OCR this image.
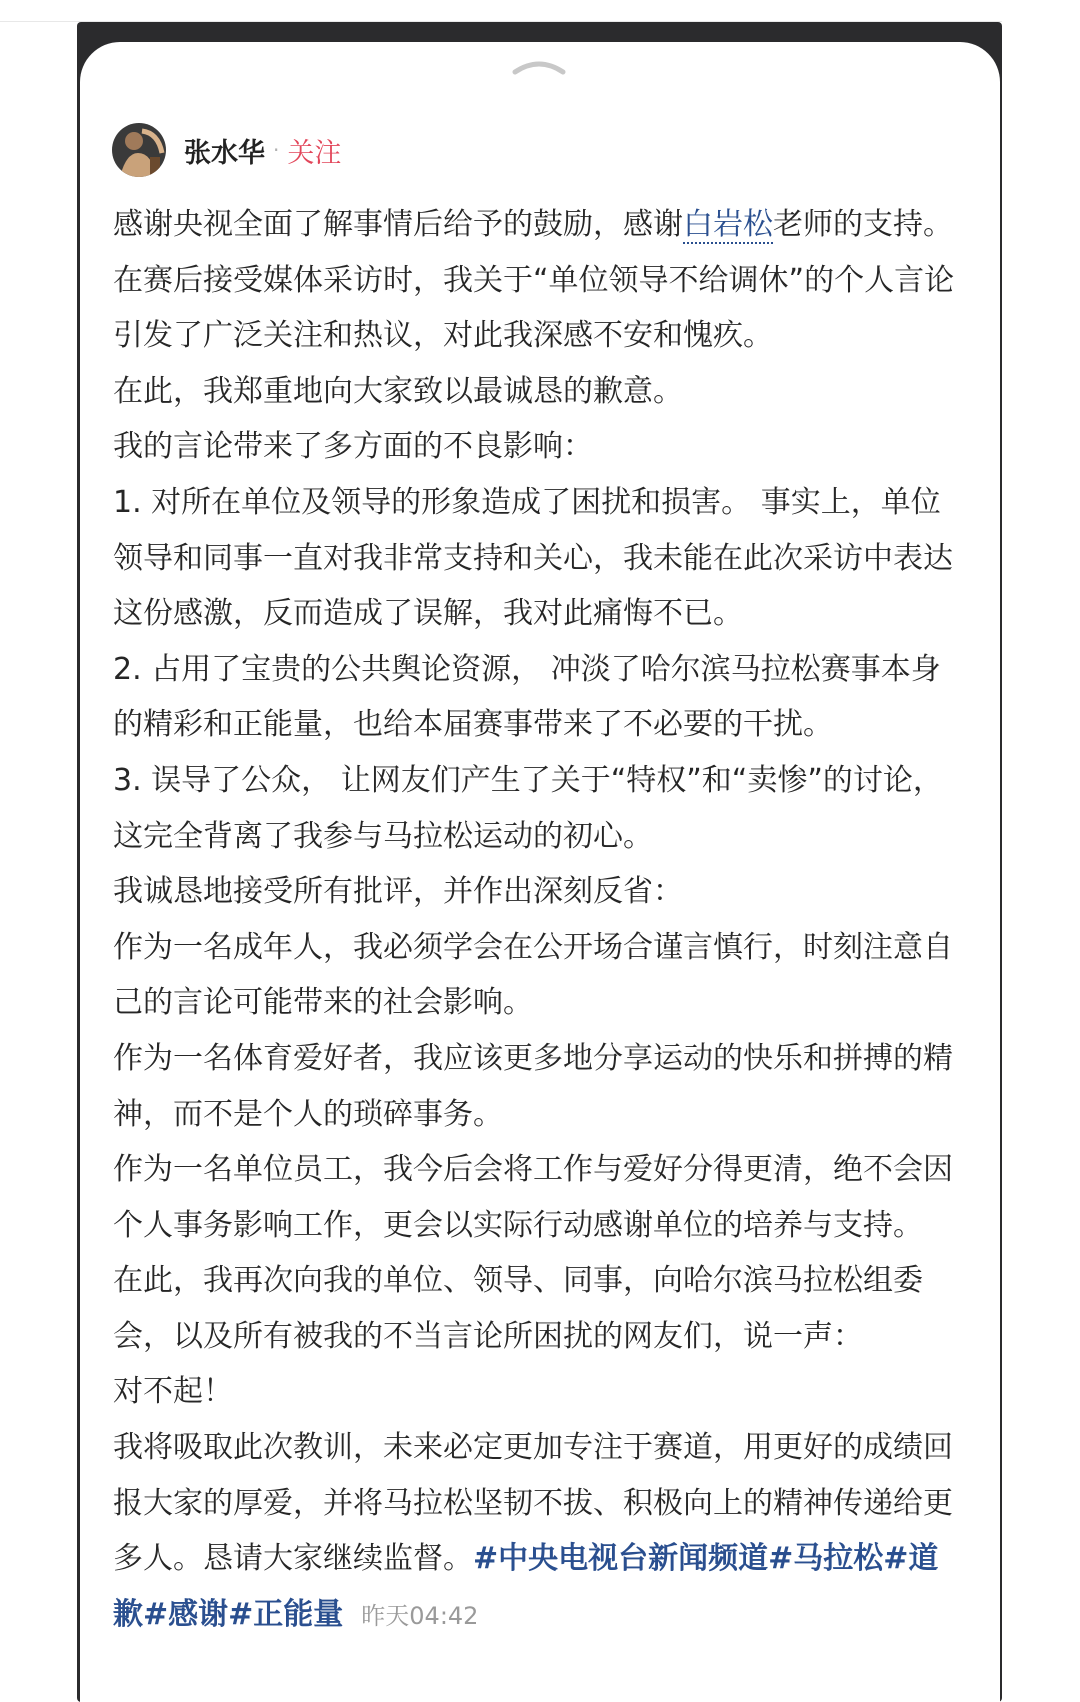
张水华 · 关注

感谢央视全面了解事情后给予的鼓励，感谢白岩松老师的支持。在赛后接受媒体采访时，我关于“单位领导不给调休”的个人言论引发了广泛关注和热议，对此我深感不安和愧疚。

在此，我郑重地向大家致以最诚恳的歉意。

我的言论带来了多方面的不良影响：

1. 对所在单位及领导的形象造成了困扰和损害。 事实上，单位领导和同事一直对我非常支持和关心，我未能在此次采访中表达这份感激，反而造成了误解，我对此痛悔不已。

2. 占用了宝贵的公共舆论资源， 冲淡了哈尔滨马拉松赛事本身的精彩和正能量，也给本届赛事带来了不必要的干扰。

3. 误导了公众， 让网友们产生了关于“特权”和“卖惨”的讨论，这完全背离了我参与马拉松运动的初心。

我诚恳地接受所有批评，并作出深刻反省：

作为一名成年人，我必须学会在公开场合谨言慎行，时刻注意自己的言论可能带来的社会影响。

作为一名体育爱好者，我应该更多地分享运动的快乐和拼搏的精神，而不是个人的琐碎事务。

作为一名单位员工，我今后会将工作与爱好分得更清，绝不会因个人事务影响工作，更会以实际行动感谢单位的培养与支持。

在此，我再次向我的单位、领导、同事，向哈尔滨马拉松组委会，以及所有被我的不当言论所困扰的网友们，说一声：

对不起！

我将吸取此次教训，未来必定更加专注于赛道，用更好的成绩回报大家的厚爱，并将马拉松坚韧不拔、积极向上的精神传递给更多人。恳请大家继续监督。#中央电视台新闻频道#马拉松#道歉#感谢#正能量 昨天04:42
